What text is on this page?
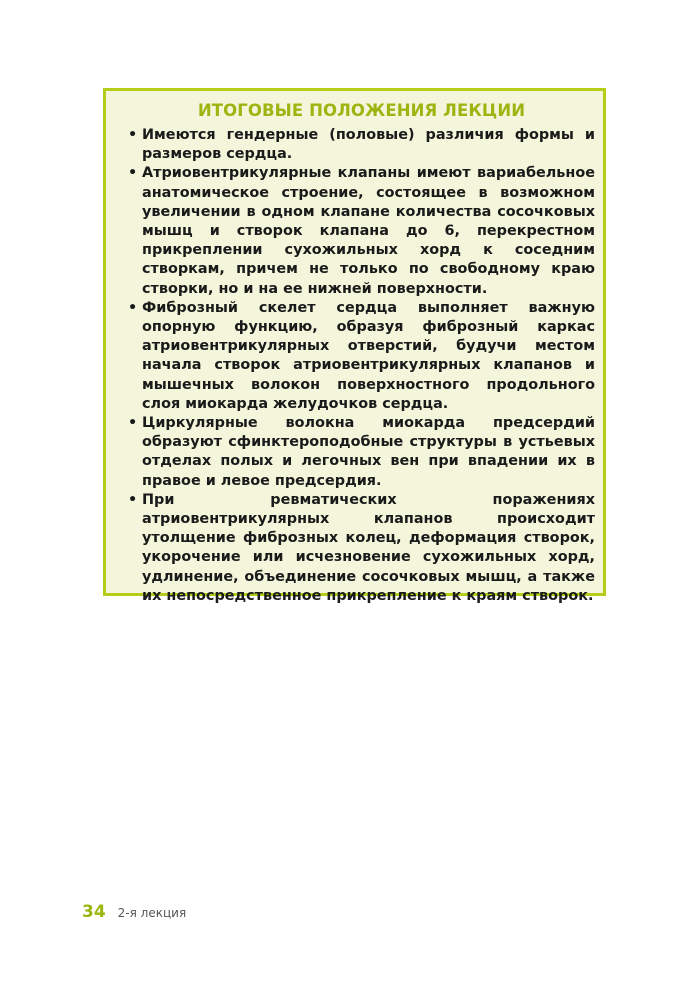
ИТОГОВЫЕ ПОЛОЖЕНИЯ ЛЕКЦИИ
• Имеются гендерные (половые) различия формы и размеров сердца.
• Атриовентрикулярные клапаны имеют вариабельное анатомическое строение, состоящее в возможном увеличении в одном клапане количества сосочковых мышц и створок клапана до 6, перекрестном прикреплении сухожильных хорд к соседним створкам, причем не только по свободному краю створки, но и на ее нижней поверхности.
• Фиброзный скелет сердца выполняет важную опорную функцию, образуя фиброзный каркас атриовентрикулярных отверстий, будучи местом начала створок атриовентрикулярных клапанов и мышечных волокон поверхностного продольного слоя миокарда желудочков сердца.
• Циркулярные волокна миокарда предсердий образуют сфинктероподобные структуры в устьевых отделах полых и легочных вен при впадении их в правое и левое предсердия.
• При ревматических поражениях атриовентрикулярных клапанов происходит утолщение фиброзных колец, деформация створок, укорочение или исчезновение сухожильных хорд, удлинение, объединение сосочковых мышц, а также их непосредственное прикрепление к краям створок.
34 2-я лекция
